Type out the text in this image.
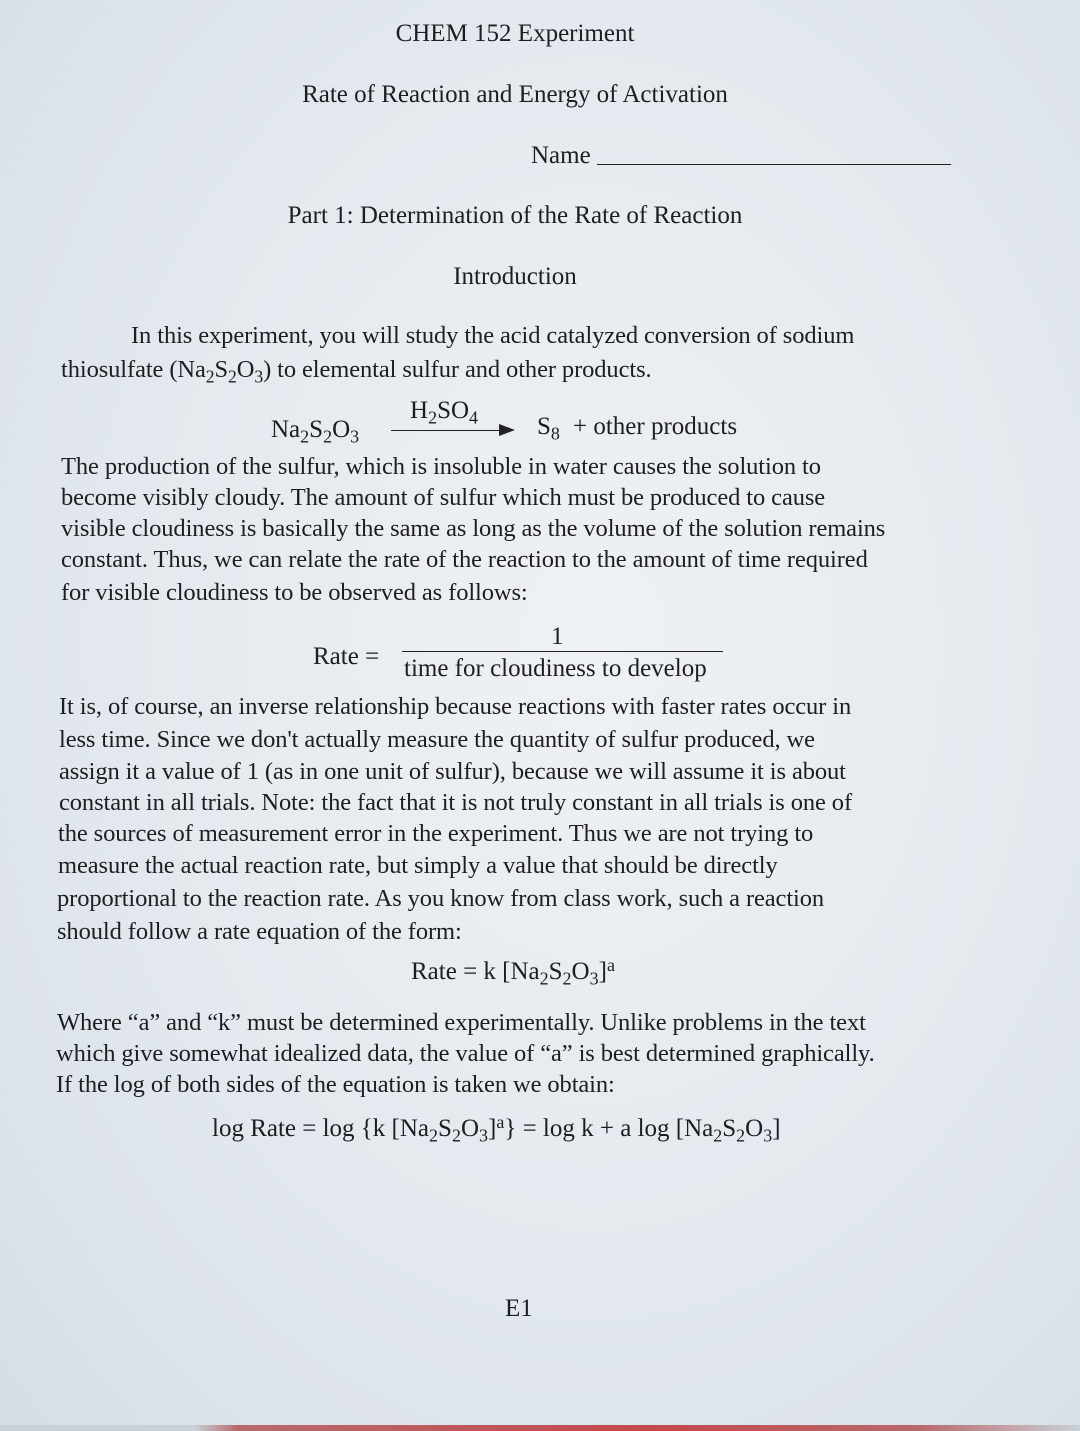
CHEM 152 Experiment
Rate of Reaction and Energy of Activation
Name
Part 1: Determination of the Rate of Reaction
Introduction
In this experiment, you will study the acid catalyzed conversion of sodium
thiosulfate $(Na_2S_2O_3)$ to elemental sulfur and other products.
$Na_2S_2O_3$
$H_2SO_4$ $S_8$ + other products
The production of the sulfur, which is insoluble in water causes the solution to
become visibly cloudy. The amount of sulfur which must be produced to cause
visible cloudiness is basically the same as long as the volume of the solution remains
constant. Thus, we can relate the rate of the reaction to the amount of time required
for visible cloudiness to be observed as follows:
Rate =
1
time for cloudiness to develop
It is, of course, an inverse relationship because reactions with faster rates occur in
less time. Since we don't actually measure the quantity of sulfur produced, we
assign it a value of 1 (as in one unit of sulfur), because we will assume it is about
constant in all trials. Note: the fact that it is not truly constant in all trials is one of
the sources of measurement error in the experiment. Thus we are not trying to
measure the actual reaction rate, but simply a value that should be directly
proportional to the reaction rate. As you know from class work, such a reaction
should follow a rate equation of the form:
Rate = k $[Na_2S_2O_3]^a$
Where “a” and “k” must be determined experimentally. Unlike problems in the text
which give somewhat idealized data, the value of “a” is best determined graphically.
If the log of both sides of the equation is taken we obtain:
log Rate = log {k $[Na_2S_2O_3]^a\} = \log k + a$ $\log [Na_2S_2O_3]$
E1
